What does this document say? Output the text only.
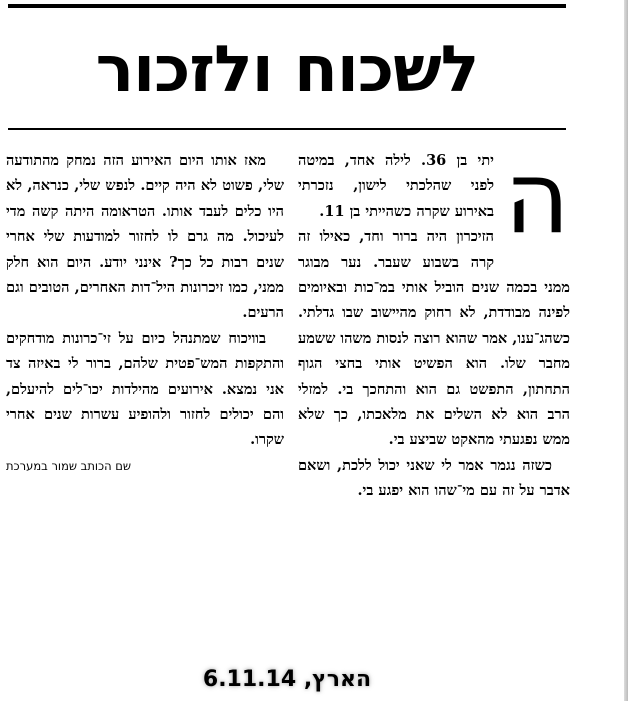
לשכוח ולזכור
ה

יתי בן 36. לילה אחד, במיטה לפני שהלכתי לישון, נזכרתי באירוע שקרה כשהייתי בן 11.

הזיכרון היה ברור וחד, כאילו זה קרה בשבוע שעבר. נער מבוגר ממני בכמה שנים הוביל אותי במ־כות ובאיומים לפינה מבודדת, לא רחוק מהיישוב שבו גדלתי. כשהג־ענו, אמר שהוא רוצה לנסות משהו ששמע מחבר שלו. הוא הפשיט אותי בחצי הגוף התחתון, התפשט גם הוא והתחכך בי. למזלי הרב הוא לא השלים את מלאכתו, כך שלא ממש נפגעתי מהאקט שביצע בי.

כשזה נגמר אמר לי שאני יכול ללכת, ושאם אדבר על זה עם מי־שהו הוא יפגע בי.

מאז אותו היום האירוע הזה נמחק מהתודעה שלי, פשוט לא היה קיים. לנפש שלי, כנראה, לא היו כלים לעבד אותו. הטראומה היתה קשה מדי לעיכול. מה גרם לו לחזור למודעות שלי אחרי שנים רבות כל כך? אינני יודע. היום הוא חלק ממני, כמו זיכרונות היל־דות האחרים, הטובים וגם הרעים.

בוויכוח שמתנהל כיום על זי־כרונות מודחקים והתקפות המש־פטית שלהם, ברור לי באיזה צד אני נמצא. אירועים מהילדות יכו־לים להיעלם, והם יכולים לחזור ולהופיע עשרות שנים אחרי שקרו.

שם הכותב שמור במערכת
הארץ, 6.11.14
